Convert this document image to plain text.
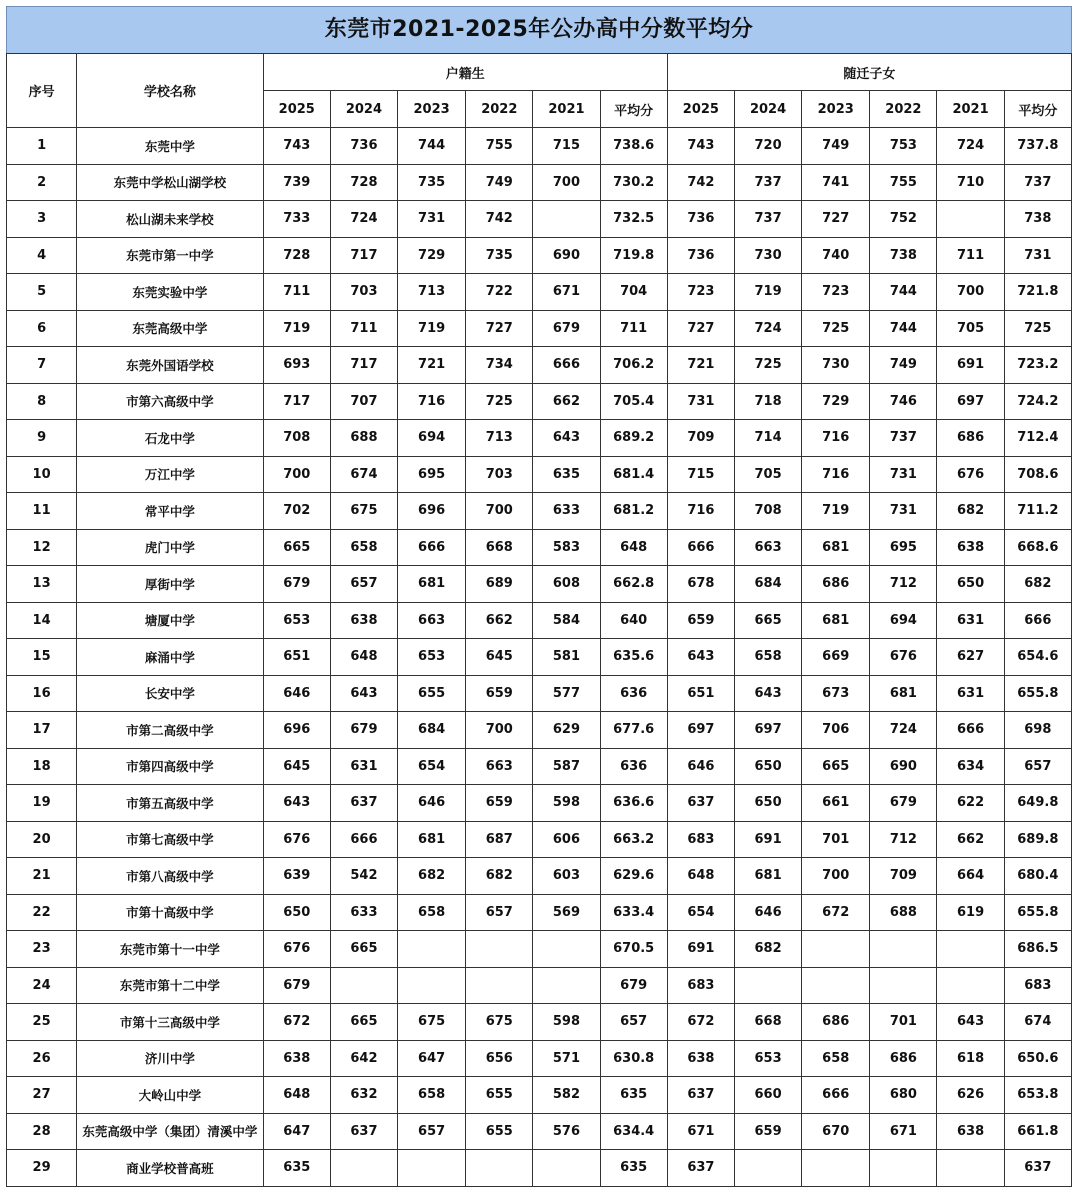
东莞市2021-2025年公办高中分数平均分
序号	学校名称	户籍生						随迁子女					
		2025	2024	2023	2022	2021	平均分	2025	2024	2023	2022	2021	平均分
1	东莞中学	743	736	744	755	715	738.6	743	720	749	753	724	737.8
2	东莞中学松山湖学校	739	728	735	749	700	730.2	742	737	741	755	710	737
3	松山湖未来学校	733	724	731	742		732.5	736	737	727	752		738
4	东莞市第一中学	728	717	729	735	690	719.8	736	730	740	738	711	731
5	东莞实验中学	711	703	713	722	671	704	723	719	723	744	700	721.8
6	东莞高级中学	719	711	719	727	679	711	727	724	725	744	705	725
7	东莞外国语学校	693	717	721	734	666	706.2	721	725	730	749	691	723.2
8	市第六高级中学	717	707	716	725	662	705.4	731	718	729	746	697	724.2
9	石龙中学	708	688	694	713	643	689.2	709	714	716	737	686	712.4
10	万江中学	700	674	695	703	635	681.4	715	705	716	731	676	708.6
11	常平中学	702	675	696	700	633	681.2	716	708	719	731	682	711.2
12	虎门中学	665	658	666	668	583	648	666	663	681	695	638	668.6
13	厚街中学	679	657	681	689	608	662.8	678	684	686	712	650	682
14	塘厦中学	653	638	663	662	584	640	659	665	681	694	631	666
15	麻涌中学	651	648	653	645	581	635.6	643	658	669	676	627	654.6
16	长安中学	646	643	655	659	577	636	651	643	673	681	631	655.8
17	市第二高级中学	696	679	684	700	629	677.6	697	697	706	724	666	698
18	市第四高级中学	645	631	654	663	587	636	646	650	665	690	634	657
19	市第五高级中学	643	637	646	659	598	636.6	637	650	661	679	622	649.8
20	市第七高级中学	676	666	681	687	606	663.2	683	691	701	712	662	689.8
21	市第八高级中学	639	542	682	682	603	629.6	648	681	700	709	664	680.4
22	市第十高级中学	650	633	658	657	569	633.4	654	646	672	688	619	655.8
23	东莞市第十一中学	676	665				670.5	691	682				686.5
24	东莞市第十二中学	679					679	683					683
25	市第十三高级中学	672	665	675	675	598	657	672	668	686	701	643	674
26	济川中学	638	642	647	656	571	630.8	638	653	658	686	618	650.6
27	大岭山中学	648	632	658	655	582	635	637	660	666	680	626	653.8
28	东莞高级中学（集团）清溪中学	647	637	657	655	576	634.4	671	659	670	671	638	661.8
29	商业学校普高班	635					635	637					637
